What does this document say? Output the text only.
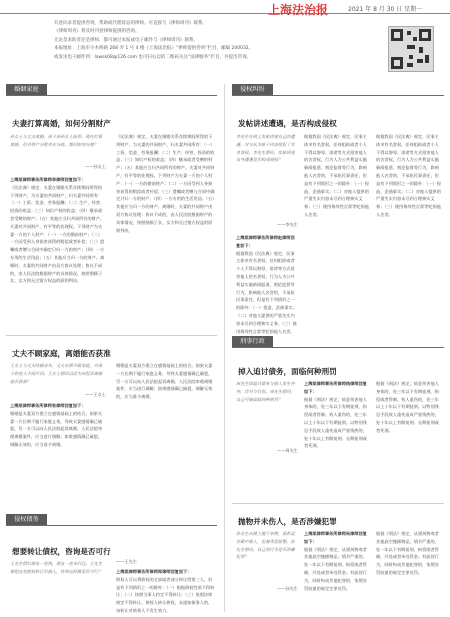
上海法治报	2021 年 8 月 30 日 星期一
有意向求者提供咨询，帮助或代理诉讼的律师。可直接与《律师周刊》联系。
《律师周刊》将及时刊登律师提供的咨询。
无论是求助者还是律师，都可通过本报或电子邮件与《律师周刊》联系。
本报地址：上海市小木桥路 268 弄 1 号 4 楼《上海法治报》“律师提供咨询”栏目，邮编 200032。
或发送电子邮件到：lawsk08@126.com 也可扫右边的二维码关注“法律服务”栏目，并提出咨询。
婚姻家庭
夫妻打算离婚，如何分割财产
孙女士与丈夫离婚，孩子由孙女士抚养。现在打算离婚，但对财产分配存在分歧，想问如何分割？
——孙女士

上海某律师事务所律师李律师回复如下：

《民法典》规定，夫妻在婚姻关系存续期间所得的下列财产，为夫妻的共同财产，归夫妻共同所有：（一）工资、奖金、劳务报酬；（二）生产、经营、投资的收益；（三）知识产权的收益；（四）继承或者受赠的财产；（五）其他应当归共同所有的财产。夫妻对共同财产，有平等的处理权。下列财产为夫妻一方的个人财产：（一）一方的婚前财产；（二）一方因受到人身损害获得的赔偿或者补偿；（三）遗嘱或者赠与合同中确定只归一方的财产；（四）一方专用的生活用品；（五）其他应当归一方的财产。离婚时，夫妻的共同财产由双方协议处理；协议不成的，由人民法院根据财产的具体情况，按照照顾子女、女方和无过错方权益的原则判决。

《民法典》规定，夫妻在婚姻关系存续期间所得的下列财产，为夫妻的共同财产，归夫妻共同所有：（一）工资、奖金、劳务报酬；（二）生产、经营、投资的收益；（三）知识产权的收益；（四）继承或者受赠的财产；（五）其他应当归共同所有的财产。夫妻对共同财产，有平等的处理权。下列财产为夫妻一方的个人财产：（一）一方的婚前财产；（二）一方因受到人身损害获得的赔偿或者补偿；（三）遗嘱或者赠与合同中确定只归一方的财产；（四）一方专用的生活用品；（五）其他应当归一方的财产。离婚时，夫妻的共同财产由双方协议处理；协议不成的，由人民法院根据财产的具体情况，按照照顾子女、女方和无过错方权益的原则判决。

丈夫不顾家庭，离婚能否获准
王女士与丈夫结婚多年，丈夫长期不顾家庭，对孩子和老人不闻不问。王女士想问以此为由起诉离婚能否获准？
——王女士

上海某律师事务所律师张律师回复如下：

婚姻是夫妻双方建立在感情基础上的结合。如果夫妻一方长期不履行家庭义务，导致夫妻感情确已破裂，另一方可以向人民法院起诉离婚。人民法院审理离婚案件，应当进行调解；如果感情确已破裂，调解无效的，应当准予离婚。

婚姻是夫妻双方建立在感情基础上的结合。如果夫妻一方长期不履行家庭义务，导致夫妻感情确已破裂，另一方可以向人民法院起诉离婚。人民法院审理离婚案件，应当进行调解；如果感情确已破裂，调解无效的，应当准予离婚。

侵权债务
想要转让债权，咨询是否可行
王先生借给朋友一笔钱，朋友一直未归还。王先生想把这笔债权转让给他人，咨询这样做是否可行？
——王先生

上海某律师事务所律师郑律师回复如下：

债权人可以将债权的全部或者部分转让给第三人，但是有下列情形之一的除外：（一）根据债权性质不得转让；（二）按照当事人约定不得转让；（三）依照法律规定不得转让。债权人转让债权，未通知债务人的，该转让对债务人不发生效力。

侵权纠纷
发帖讲述遭遇，是否构成侵权
李先生在网上发帖讲述自己的遭遇，对方认为帖子内容侵犯了其名誉权。李先生想问，发帖讲述自身遭遇是否构成侵权？
——李先生

上海某律师事务所律师赵律师回复如下：

根据我国《民法典》规定，民事主体享有名誉权。任何组织或者个人不得以侮辱、诽谤等方式侵害他人的名誉权。行为人为公共利益实施新闻报道、舆论监督等行为，影响他人名誉的，不承担民事责任，但是有下列情形之一的除外：（一）捏造、歪曲事实；（二）对他人提供的严重失实内容未尽到合理核实义务；（三）使用侮辱性言辞等贬损他人名誉。

根据我国《民法典》规定，民事主体享有名誉权。任何组织或者个人不得以侮辱、诽谤等方式侵害他人的名誉权。行为人为公共利益实施新闻报道、舆论监督等行为，影响他人名誉的，不承担民事责任，但是有下列情形之一的除外：（一）捏造、歪曲事实；（二）对他人提供的严重失实内容未尽到合理核实义务；（三）使用侮辱性言辞等贬损他人名誉。

根据我国《民法典》规定，民事主体享有名誉权。任何组织或者个人不得以侮辱、诽谤等方式侵害他人的名誉权。行为人为公共利益实施新闻报道、舆论监督等行为，影响他人名誉的，不承担民事责任，但是有下列情形之一的除外：（一）捏造、歪曲事实；（二）对他人提供的严重失实内容未尽到合理核实义务；（三）使用侮辱性言辞等贬损他人名誉。

刑事行政
掉入追讨债务，面临何种刑罚
周先生因追讨债务与他人发生冲突，将对方打伤。周先生想问，自己可能面临何种刑罚？
——周先生

上海某律师事务所律师钱律师回复如下：

根据《刑法》规定，故意伤害他人身体的，处三年以下有期徒刑、拘役或者管制。致人重伤的，处三年以上十年以下有期徒刑。以特别残忍手段致人重伤造成严重残疾的，处十年以上有期徒刑、无期徒刑或者死刑。

根据《刑法》规定，故意伤害他人身体的，处三年以下有期徒刑、拘役或者管制。致人重伤的，处三年以上十年以下有期徒刑。以特别残忍手段致人重伤造成严重残疾的，处十年以上有期徒刑、无期徒刑或者死刑。

抛物并未伤人，是否涉嫌犯罪
孙先生从楼上抛下杂物，虽然没有砸中他人，但被邻居报警。孙先生想问，自己的行为是否涉嫌犯罪？
——孙先生

上海某律师事务所律师吴律师回复如下：

根据《刑法》规定，从建筑物或者其他高空抛掷物品，情节严重的，处一年以下有期徒刑、拘役或者管制，并处或者单处罚金。有前款行为，同时构成其他犯罪的，依照处罚较重的规定定罪处罚。

根据《刑法》规定，从建筑物或者其他高空抛掷物品，情节严重的，处一年以下有期徒刑、拘役或者管制，并处或者单处罚金。有前款行为，同时构成其他犯罪的，依照处罚较重的规定定罪处罚。
